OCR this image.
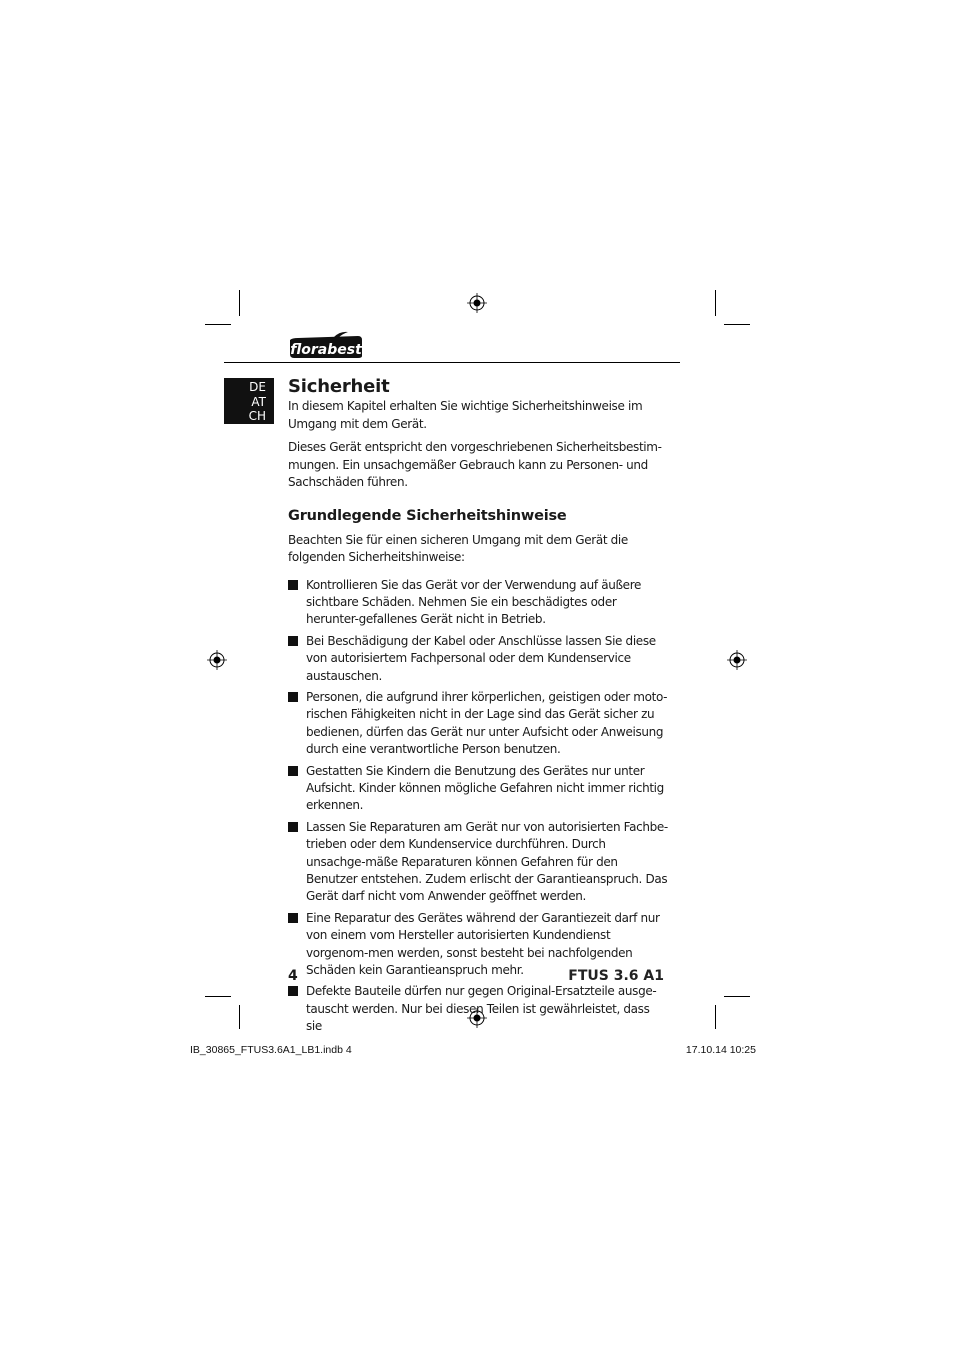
florabest
DE
AT
CH
Sicherheit

In diesem Kapitel erhalten Sie wichtige Sicherheitshinweise im Umgang mit dem Gerät.

Dieses Gerät entspricht den vorgeschriebenen Sicherheitsbestim-mungen. Ein unsachgemäßer Gebrauch kann zu Personen- und Sachschäden führen.

Grundlegende Sicherheitshinweise

Beachten Sie für einen sicheren Umgang mit dem Gerät die folgenden Sicherheitshinweise:

Kontrollieren Sie das Gerät vor der Verwendung auf äußere sichtbare Schäden. Nehmen Sie ein beschädigtes oder herunter-gefallenes Gerät nicht in Betrieb.
Bei Beschädigung der Kabel oder Anschlüsse lassen Sie diese von autorisiertem Fachpersonal oder dem Kundenservice austauschen.
Personen, die aufgrund ihrer körperlichen, geistigen oder moto-rischen Fähigkeiten nicht in der Lage sind das Gerät sicher zu bedienen, dürfen das Gerät nur unter Aufsicht oder Anweisung durch eine verantwortliche Person benutzen.
Gestatten Sie Kindern die Benutzung des Gerätes nur unter Aufsicht. Kinder können mögliche Gefahren nicht immer richtig erkennen.
Lassen Sie Reparaturen am Gerät nur von autorisierten Fachbe-trieben oder dem Kundenservice durchführen. Durch unsachge-mäße Reparaturen können Gefahren für den Benutzer entstehen. Zudem erlischt der Garantieanspruch. Das Gerät darf nicht vom Anwender geöffnet werden.
Eine Reparatur des Gerätes während der Garantiezeit darf nur von einem vom Hersteller autorisierten Kundendienst vorgenom-men werden, sonst besteht bei nachfolgenden Schäden kein Garantieanspruch mehr.
Defekte Bauteile dürfen nur gegen Original-Ersatzteile ausge-tauscht werden. Nur bei diesen Teilen ist gewährleistet, dass sie
4	FTUS 3.6 A1
IB_30865_FTUS3.6A1_LB1.indb 4	17.10.14 10:25
